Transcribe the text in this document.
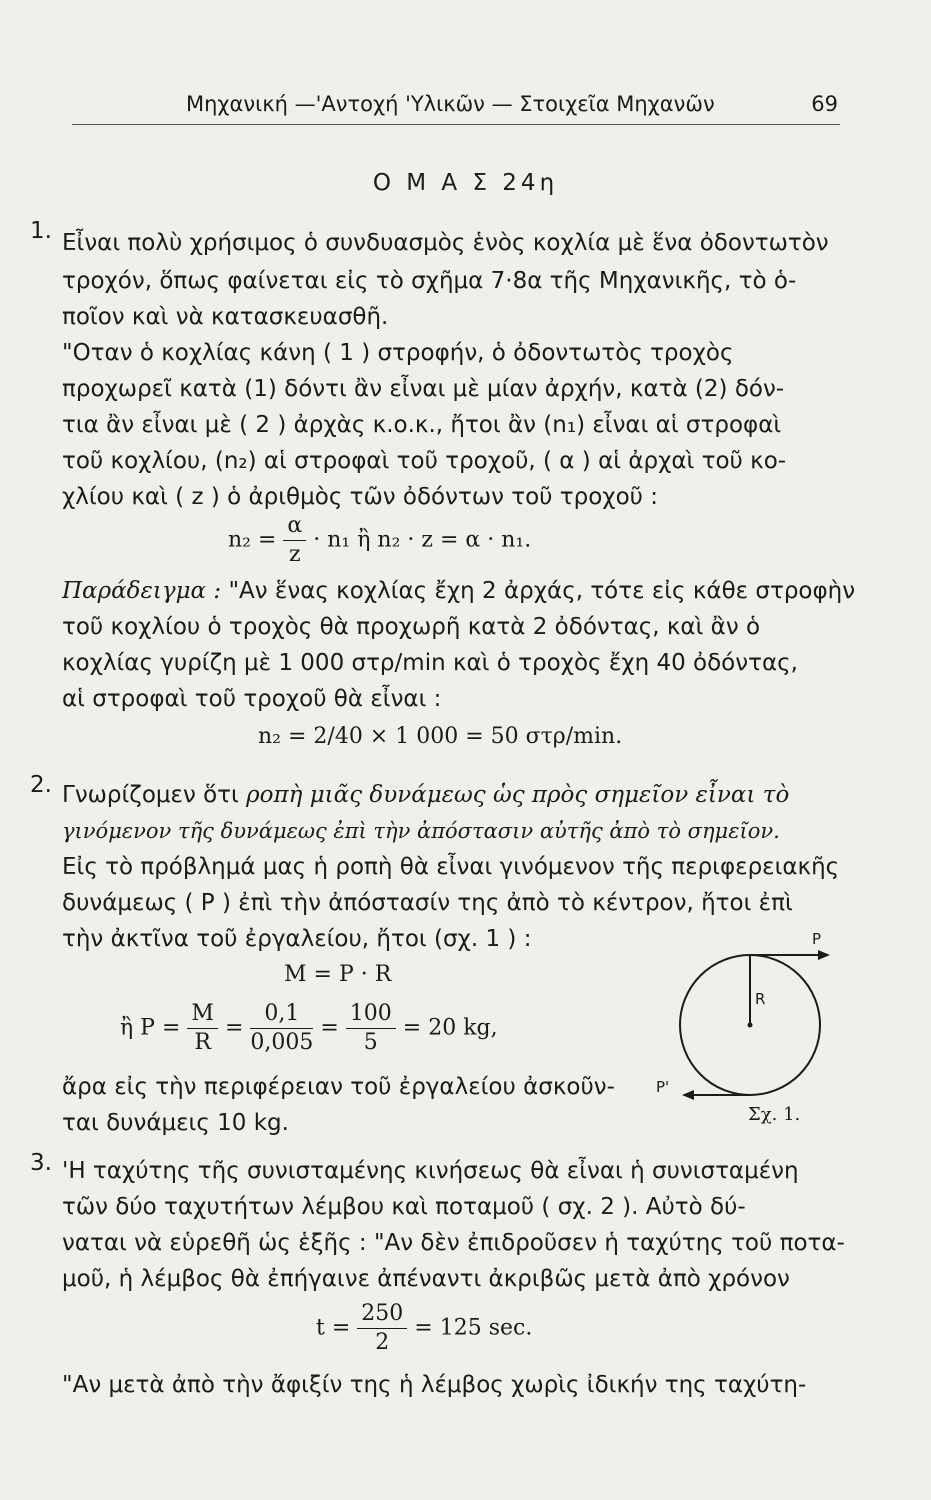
Μηχανική —'Αντοχή 'Υλικῶν — Στοιχεῖα Μηχανῶν	69
Ο Μ Α Σ 24η
1. Εἶναι πολὺ χρήσιμος ὁ συνδυασμὸς ἑνὸς κοχλία μὲ ἕνα ὀδοντωτὸν
τροχόν, ὅπως φαίνεται εἰς τὸ σχῆμα 7·8α τῆς Μηχανικῆς, τὸ ὁ-
ποῖον καὶ νὰ κατασκευασθῆ.
"Οταν ὁ κοχλίας κάνη ( 1 ) στροφήν, ὁ ὀδοντωτὸς τροχὸς
προχωρεῖ κατὰ (1) δόντι ἂν εἶναι μὲ μίαν ἀρχήν, κατὰ (2) δόν-
τια ἂν εἶναι μὲ ( 2 ) ἀρχὰς κ.ο.κ., ἤτοι ἂν (n₁) εἶναι αἱ στροφαὶ
τοῦ κοχλίου, (n₂) αἱ στροφαὶ τοῦ τροχοῦ, ( α ) αἱ ἀρχαὶ τοῦ κο-
χλίου καὶ ( z ) ὁ ἀριθμὸς τῶν ὀδόντων τοῦ τροχοῦ :
$n_2 = \frac{\alpha}{z} \cdot n_1$ ἢ n₂ · z = α · n₁.
Παράδειγμα : "Αν ἕνας κοχλίας ἔχη 2 ἀρχάς, τότε εἰς κάθε στροφὴν
τοῦ κοχλίου ὁ τροχὸς θὰ προχωρῆ κατὰ 2 ὀδόντας, καὶ ἂν ὁ
κοχλίας γυρίζη μὲ 1 000 στρ/min καὶ ὁ τροχὸς ἔχη 40 ὀδόντας,
αἱ στροφαὶ τοῦ τροχοῦ θὰ εἶναι :
n₂ = 2/40 × 1 000 = 50 στρ/min.
2. Γνωρίζομεν ὅτι ροπὴ μιᾶς δυνάμεως ὡς πρὸς σημεῖον εἶναι τὸ
γινόμενον τῆς δυνάμεως ἐπὶ τὴν ἀπόστασιν αὐτῆς ἀπὸ τὸ σημεῖον.
Εἰς τὸ πρόβλημά μας ἡ ροπὴ θὰ εἶναι γινόμενον τῆς περιφερειακῆς
δυνάμεως ( P ) ἐπὶ τὴν ἀπόστασίν της ἀπὸ τὸ κέντρον, ἤτοι ἐπὶ
τὴν ἀκτῖνα τοῦ ἐργαλείου, ἤτοι (σχ. 1 ) :
M = P · R
ἢ $P = \frac{M}{R} = \frac{0,1}{0,005} = \frac{100}{5} = 20$ kg,
ἄρα εἰς τὴν περιφέρειαν τοῦ ἐργαλείου ἀσκοῦν-
ται δυνάμεις 10 kg.
P
R
P'
Σχ. 1.
3. 'Η ταχύτης τῆς συνισταμένης κινήσεως θὰ εἶναι ἡ συνισταμένη
τῶν δύο ταχυτήτων λέμβου καὶ ποταμοῦ ( σχ. 2 ). Αὐτὸ δύ-
ναται νὰ εὑρεθῆ ὡς ἑξῆς : "Αν δὲν ἐπιδροῦσεν ἡ ταχύτης τοῦ ποτα-
μοῦ, ἡ λέμβος θὰ ἐπήγαινε ἀπέναντι ἀκριβῶς μετὰ ἀπὸ χρόνον
$t = \frac{250}{2} = 125$ sec.
"Αν μετὰ ἀπὸ τὴν ἄφιξίν της ἡ λέμβος χωρὶς ἰδικήν της ταχύτη-
